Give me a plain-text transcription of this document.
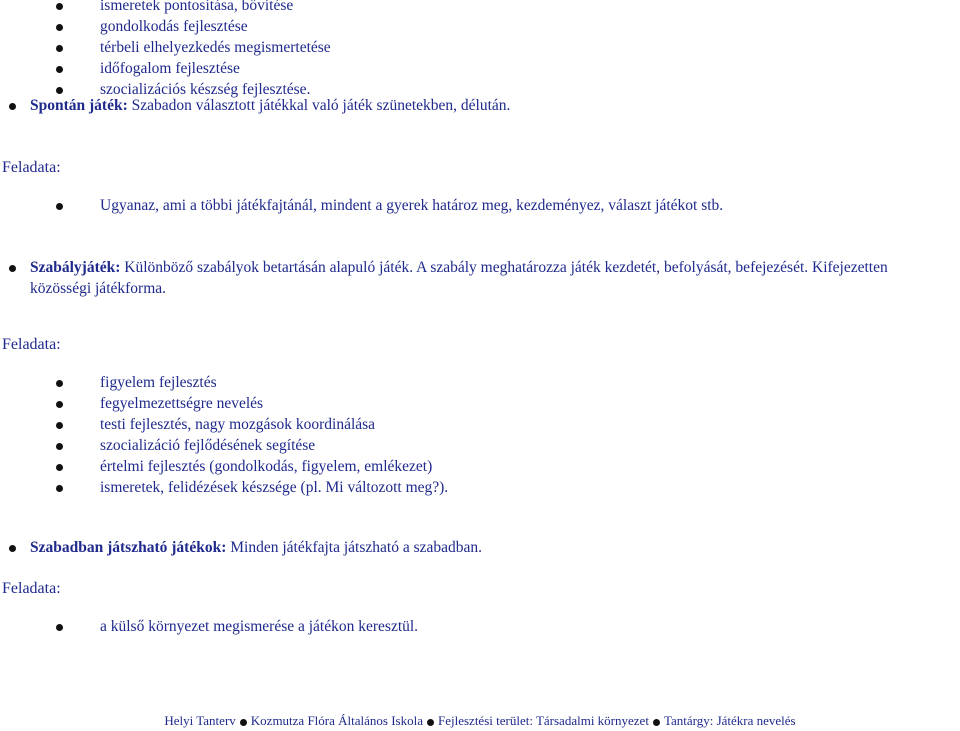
ismeretek pontosítása, bővítése
gondolkodás fejlesztése
térbeli elhelyezkedés megismertetése
időfogalom fejlesztése
szocializációs készség fejlesztése.
Spontán játék: Szabadon választott játékkal való játék szünetekben, délután.
Feladata:
Ugyanaz, ami a többi játékfajtánál, mindent a gyerek határoz meg, kezdeményez, választ játékot stb.
Szabályjáték: Különböző szabályok betartásán alapuló játék. A szabály meghatározza játék kezdetét, befolyását, befejezését. Kifejezetten
közösségi játékforma.
Feladata:
figyelem fejlesztés
fegyelmezettségre nevelés
testi fejlesztés, nagy mozgások koordinálása
szocializáció fejlődésének segítése
értelmi fejlesztés (gondolkodás, figyelem, emlékezet)
ismeretek, felidézések készsége (pl. Mi változott meg?).
Szabadban játszható játékok: Minden játékfajta játszható a szabadban.
Feladata:
a külső környezet megismerése a játékon keresztül.
Helyi Tanterv Kozmutza Flóra Általános Iskola Fejlesztési terület: Társadalmi környezet Tantárgy: Játékra nevelés
